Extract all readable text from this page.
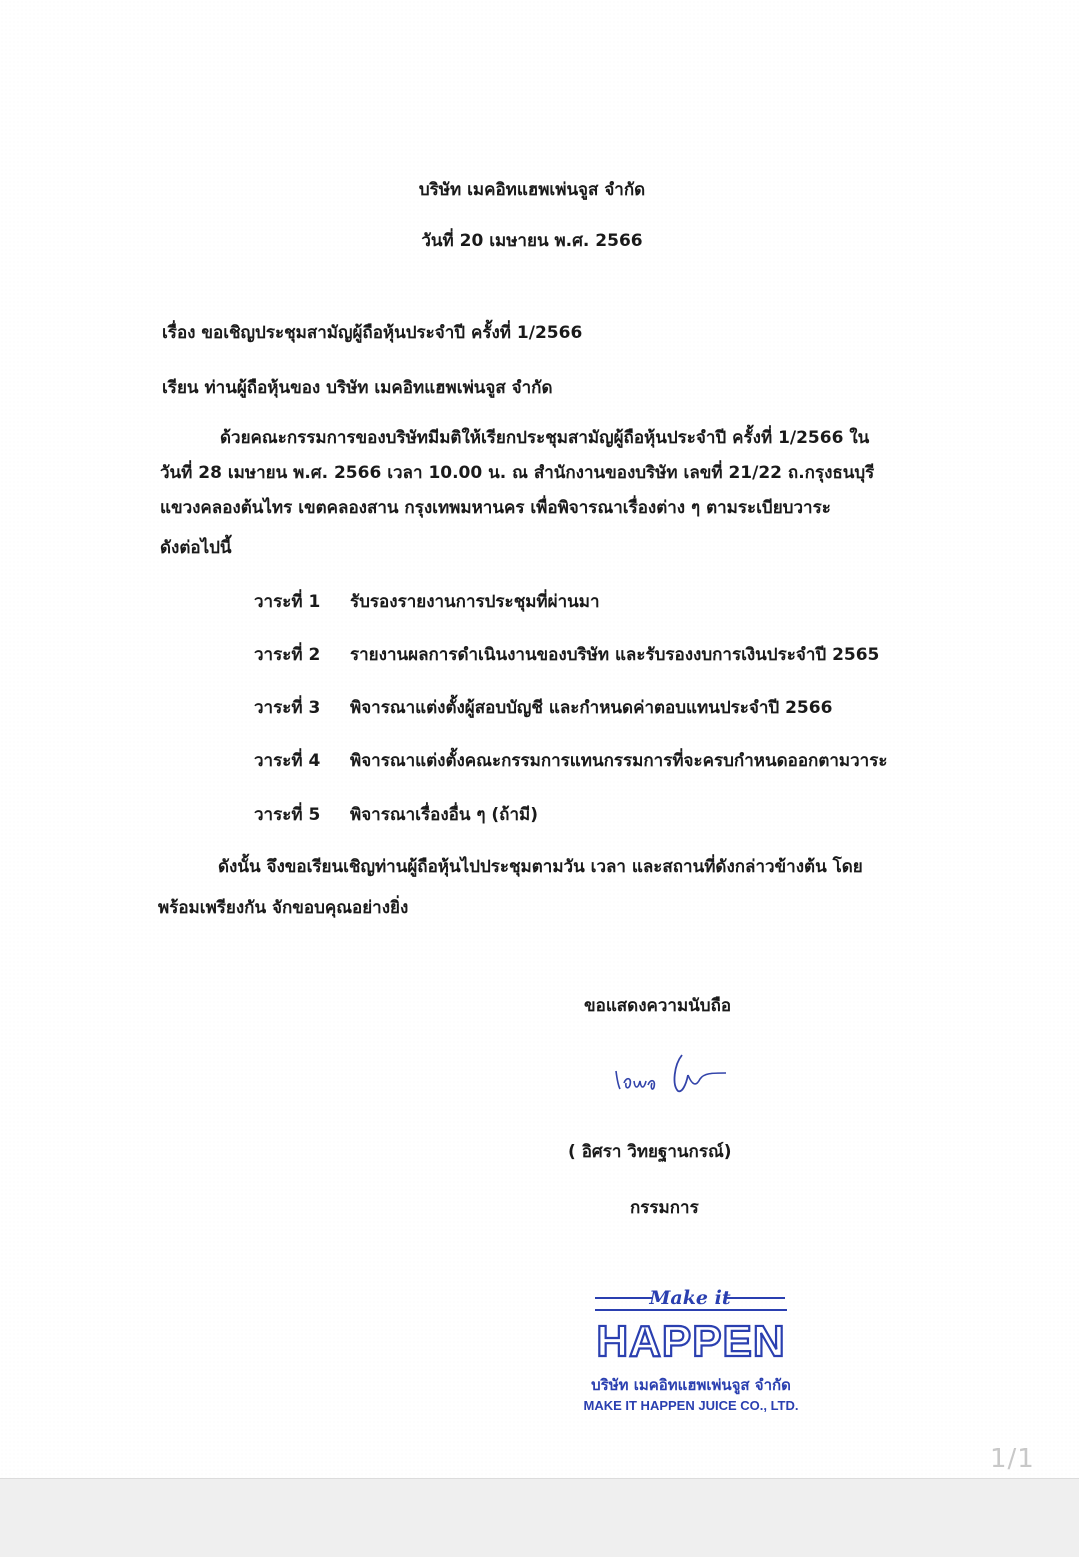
บริษัท เมคอิทแฮพเพ่นจูส จำกัด
วันที่ 20 เมษายน พ.ศ. 2566
เรื่อง ขอเชิญประชุมสามัญผู้ถือหุ้นประจำปี ครั้งที่ 1/2566
เรียน ท่านผู้ถือหุ้นของ บริษัท เมคอิทแฮพเพ่นจูส จำกัด
ด้วยคณะกรรมการของบริษัทมีมติให้เรียกประชุมสามัญผู้ถือหุ้นประจำปี ครั้งที่ 1/2566 ใน
วันที่ 28 เมษายน พ.ศ. 2566 เวลา 10.00 น. ณ สำนักงานของบริษัท เลขที่ 21/22 ถ.กรุงธนบุรี
แขวงคลองต้นไทร เขตคลองสาน กรุงเทพมหานคร เพื่อพิจารณาเรื่องต่าง ๆ ตามระเบียบวาระ
ดังต่อไปนี้
วาระที่ 1 รับรองรายงานการประชุมที่ผ่านมา
วาระที่ 2 รายงานผลการดำเนินงานของบริษัท และรับรองงบการเงินประจำปี 2565
วาระที่ 3 พิจารณาแต่งตั้งผู้สอบบัญชี และกำหนดค่าตอบแทนประจำปี 2566
วาระที่ 4 พิจารณาแต่งตั้งคณะกรรมการแทนกรรมการที่จะครบกำหนดออกตามวาระ
วาระที่ 5 พิจารณาเรื่องอื่น ๆ (ถ้ามี)
ดังนั้น จึงขอเรียนเชิญท่านผู้ถือหุ้นไปประชุมตามวัน เวลา และสถานที่ดังกล่าวข้างต้น โดย
พร้อมเพรียงกัน จักขอบคุณอย่างยิ่ง
ขอแสดงความนับถือ
( อิศรา วิทยฐานกรณ์)
กรรมการ
Make it
HAPPEN
บริษัท เมคอิทแฮพเพ่นจูส จำกัด
MAKE IT HAPPEN JUICE CO., LTD.
1/1
